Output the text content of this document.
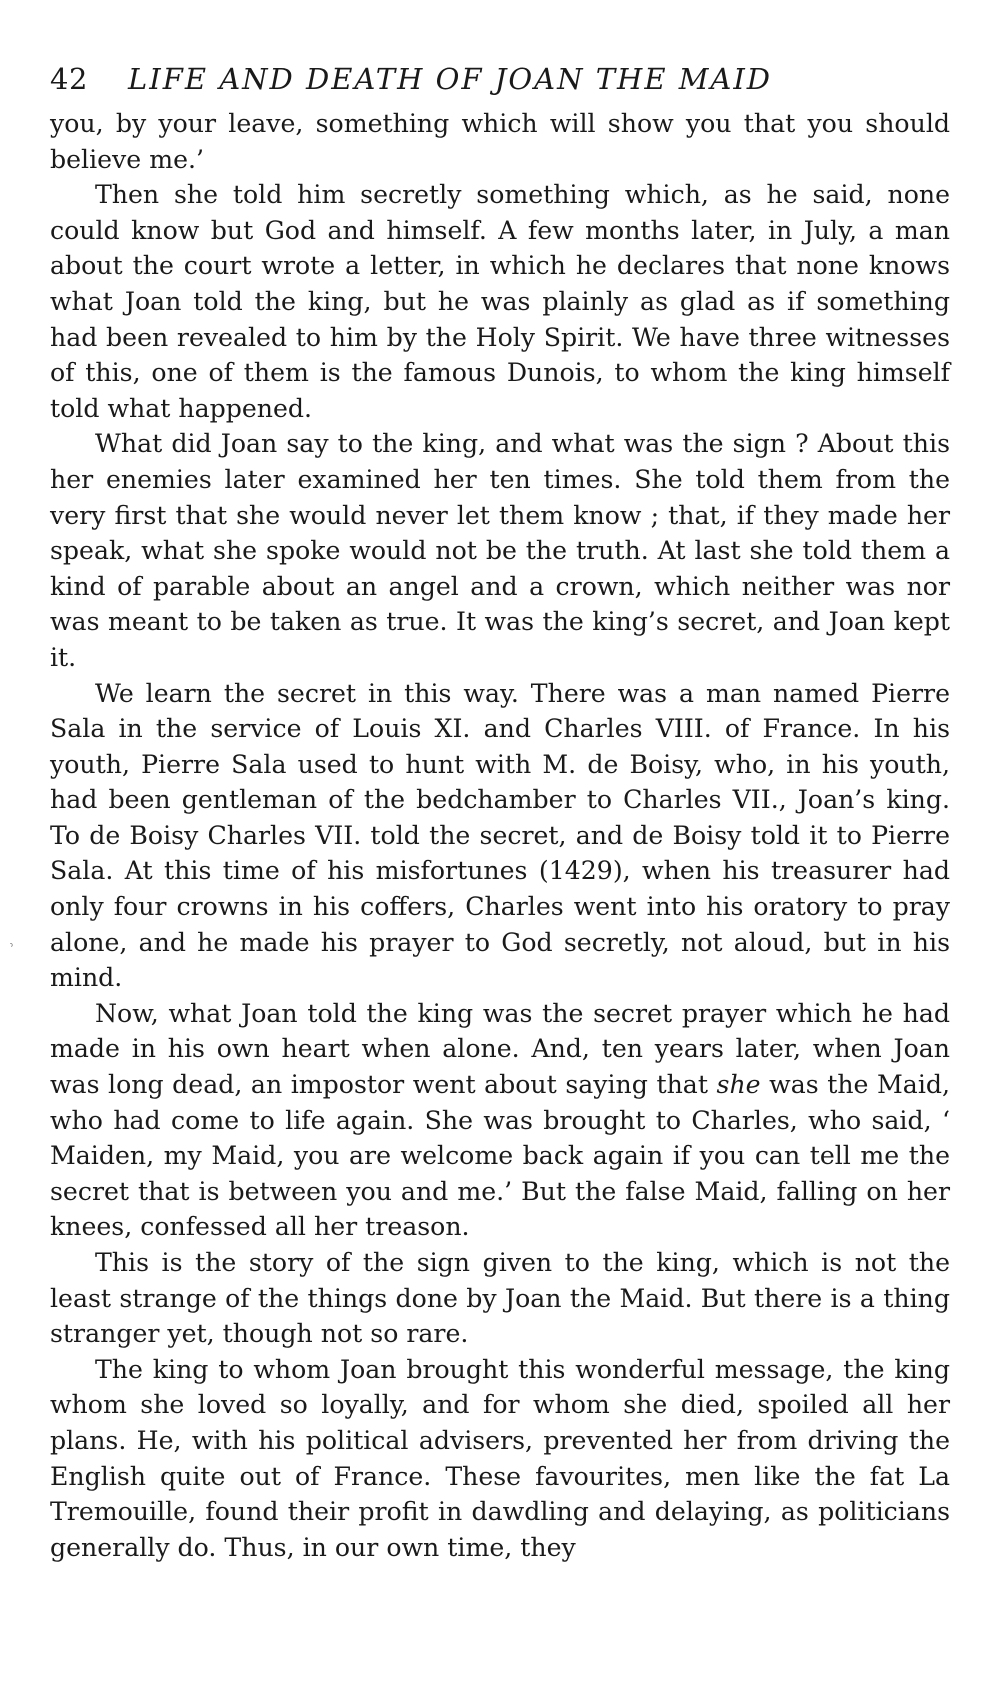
42	LIFE AND DEATH OF JOAN THE MAID

you, by your leave, something which will show you that you should believe me.’

Then she told him secretly something which, as he said, none could know but God and himself. A few months later, in July, a man about the court wrote a letter, in which he declares that none knows what Joan told the king, but he was plainly as glad as if something had been revealed to him by the Holy Spirit. We have three witnesses of this, one of them is the famous Dunois, to whom the king himself told what happened.

What did Joan say to the king, and what was the sign ? About this her enemies later examined her ten times. She told them from the very first that she would never let them know ; that, if they made her speak, what she spoke would not be the truth. At last she told them a kind of parable about an angel and a crown, which neither was nor was meant to be taken as true. It was the king’s secret, and Joan kept it.

We learn the secret in this way. There was a man named Pierre Sala in the service of Louis XI. and Charles VIII. of France. In his youth, Pierre Sala used to hunt with M. de Boisy, who, in his youth, had been gentleman of the bedchamber to Charles VII., Joan’s king. To de Boisy Charles VII. told the secret, and de Boisy told it to Pierre Sala. At this time of his misfortunes (1429), when his treasurer had only four crowns in his coffers, Charles went into his oratory to pray alone, and he made his prayer to God secretly, not aloud, but in his mind.

Now, what Joan told the king was the secret prayer which he had made in his own heart when alone. And, ten years later, when Joan was long dead, an impostor went about saying that she was the Maid, who had come to life again. She was brought to Charles, who said, ‘ Maiden, my Maid, you are welcome back again if you can tell me the secret that is between you and me.’ But the false Maid, falling on her knees, confessed all her treason.

This is the story of the sign given to the king, which is not the least strange of the things done by Joan the Maid. But there is a thing stranger yet, though not so rare.

The king to whom Joan brought this wonderful message, the king whom she loved so loyally, and for whom she died, spoiled all her plans. He, with his political advisers, prevented her from driving the English quite out of France. These favourites, men like the fat La Tremouille, found their profit in dawdling and delaying, as politicians generally do. Thus, in our own time, they

⸒
